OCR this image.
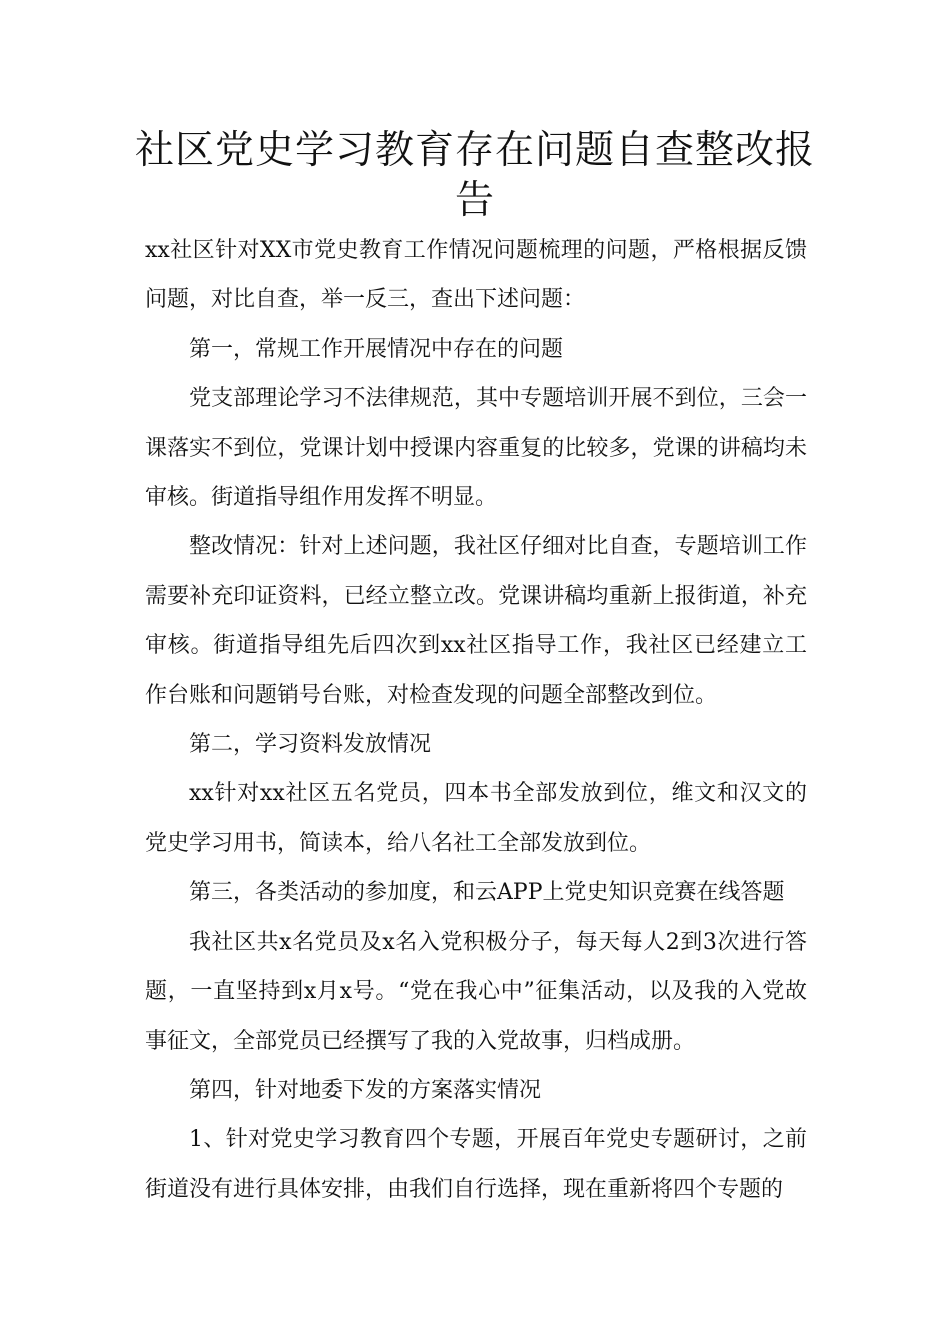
社区党史学习教育存在问题自查整改报告

xx社区针对XX市党史教育工作情况问题梳理的问题，严格根据反馈问题，对比自查，举一反三，查出下述问题：

第一，常规工作开展情况中存在的问题

党支部理论学习不法律规范，其中专题培训开展不到位，三会一课落实不到位，党课计划中授课内容重复的比较多，党课的讲稿均未审核。街道指导组作用发挥不明显。

整改情况：针对上述问题，我社区仔细对比自查，专题培训工作需要补充印证资料，已经立整立改。党课讲稿均重新上报街道，补充审核。街道指导组先后四次到xx社区指导工作，我社区已经建立工作台账和问题销号台账，对检查发现的问题全部整改到位。

第二，学习资料发放情况

xx针对xx社区五名党员，四本书全部发放到位，维文和汉文的党史学习用书，简读本，给八名社工全部发放到位。

第三，各类活动的参加度，和云APP上党史知识竞赛在线答题

我社区共x名党员及x名入党积极分子，每天每人2到3次进行答题，一直坚持到x月x号。“党在我心中”征集活动，以及我的入党故事征文，全部党员已经撰写了我的入党故事，归档成册。

第四，针对地委下发的方案落实情况

1、针对党史学习教育四个专题，开展百年党史专题研讨，之前街道没有进行具体安排，由我们自行选择，现在重新将四个专题的
